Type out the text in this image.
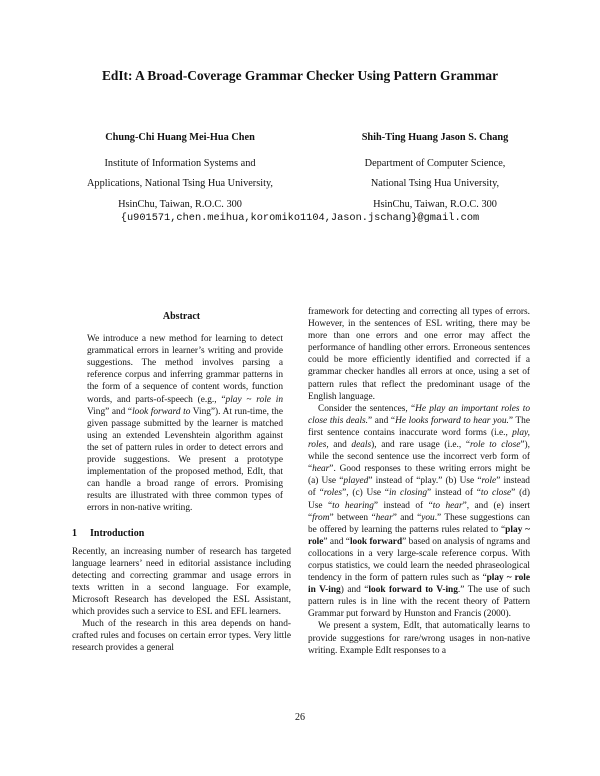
EdIt: A Broad-Coverage Grammar Checker Using Pattern Grammar
Chung-Chi Huang Mei-Hua Chen
Institute of Information Systems and
Applications, National Tsing Hua University,
HsinChu, Taiwan, R.O.C. 300
Shih-Ting Huang Jason S. Chang
Department of Computer Science,
National Tsing Hua University,
HsinChu, Taiwan, R.O.C. 300
{u901571,chen.meihua,koromiko1104,Jason.jschang}@gmail.com
Abstract

We introduce a new method for learning to detect grammatical errors in learner’s writing and provide suggestions. The method involves parsing a reference corpus and inferring grammar patterns in the form of a sequence of content words, function words, and parts-of-speech (e.g., “play ~ role in Ving” and “look forward to Ving”). At run-time, the given passage submitted by the learner is matched using an extended Levenshtein algorithm against the set of pattern rules in order to detect errors and provide suggestions. We present a prototype implementation of the proposed method, EdIt, that can handle a broad range of errors. Promising results are illustrated with three common types of errors in non-native writing.

1 Introduction

Recently, an increasing number of research has targeted language learners’ need in editorial assistance including detecting and correcting grammar and usage errors in texts written in a second language. For example, Microsoft Research has developed the ESL Assistant, which provides such a service to ESL and EFL learners.

Much of the research in this area depends on hand-crafted rules and focuses on certain error types. Very little research provides a general

framework for detecting and correcting all types of errors. However, in the sentences of ESL writing, there may be more than one errors and one error may affect the performance of handling other errors. Erroneous sentences could be more efficiently identified and corrected if a grammar checker handles all errors at once, using a set of pattern rules that reflect the predominant usage of the English language.

Consider the sentences, “He play an important roles to close this deals.” and “He looks forward to hear you.” The first sentence contains inaccurate word forms (i.e., play, roles, and deals), and rare usage (i.e., “role to close”), while the second sentence use the incorrect verb form of “hear”. Good responses to these writing errors might be (a) Use “played” instead of “play.” (b) Use “role” instead of “roles”, (c) Use “in closing” instead of “to close” (d) Use “to hearing” instead of “to hear”, and (e) insert “from” between “hear” and “you.” These suggestions can be offered by learning the patterns rules related to “play ~ role” and “look forward” based on analysis of ngrams and collocations in a very large-scale reference corpus. With corpus statistics, we could learn the needed phraseological tendency in the form of pattern rules such as “play ~ role in V-ing) and “look forward to V-ing.” The use of such pattern rules is in line with the recent theory of Pattern Grammar put forward by Hunston and Francis (2000).

We present a system, EdIt, that automatically learns to provide suggestions for rare/wrong usages in non-native writing. Example EdIt responses to a

26
